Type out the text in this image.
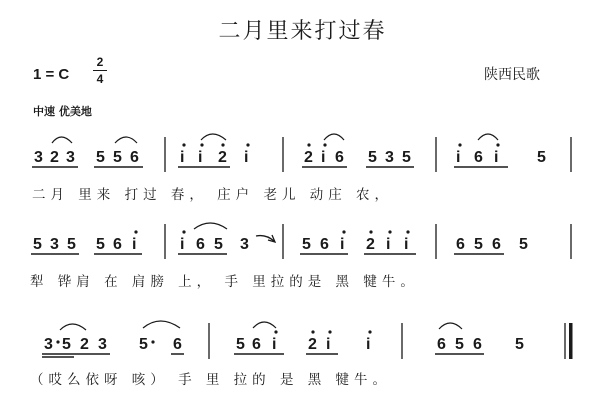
二月里来打过春
1 = C
2
4
中速 优美地
陕西民歌
3 2 3 5 5 6	i i 2 i	2 i 6 5 3 5	i 6 i 5
5 3 5 5 6 i	i 6 5 3	5 6 i 2 i i	6 5 6 5
3 5 2 3 5 6	5 6 i 2 i i	6 5 6 5
二月 里来 打过 春， 庄户 老儿 动庄 农，
犁 铧肩 在 肩膀 上， 手 里拉的是 黑 犍牛。
（哎么依呀 咳） 手 里 拉的 是 黑 犍牛。
